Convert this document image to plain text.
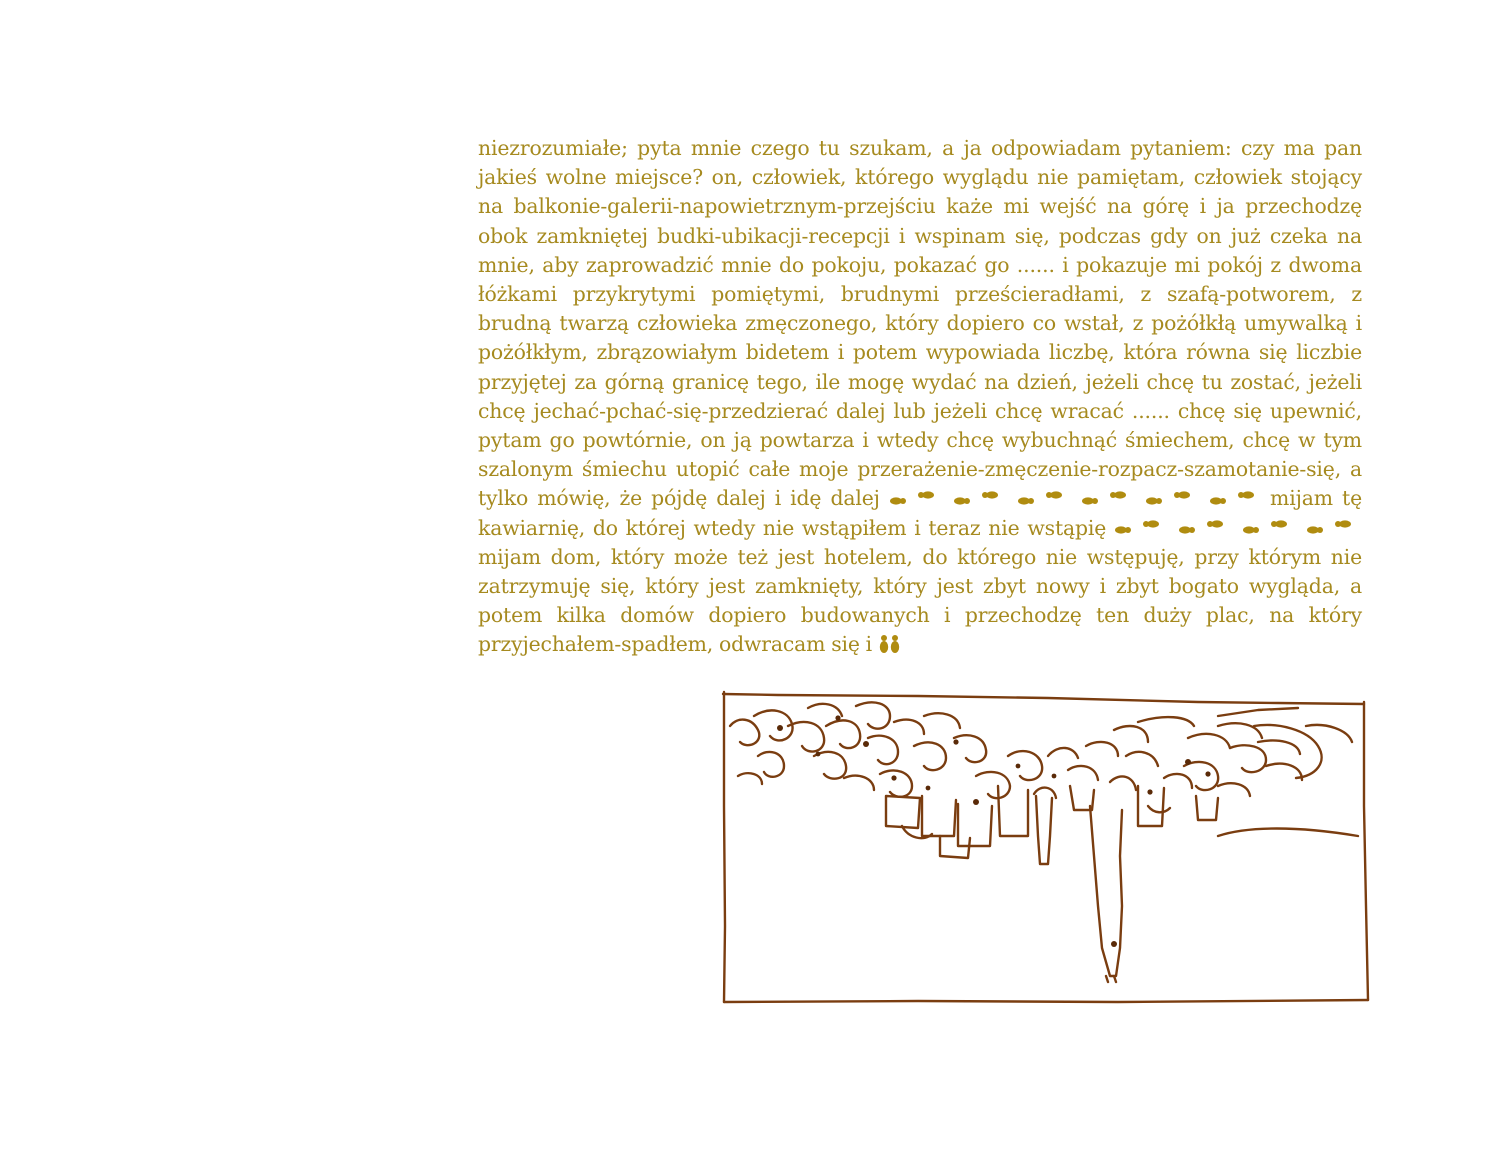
niezrozumiałe; pyta mnie czego tu szukam, a ja odpowiadam pytaniem: czy ma pan jakieś wolne miejsce? on, człowiek, którego wyglądu nie pamiętam, człowiek stojący na balkonie-galerii-napowietrznym-przejściu każe mi wejść na górę i ja przechodzę obok zamkniętej budki-ubikacji-recepcji i wspinam się, podczas gdy on już czeka na mnie, aby zaprowadzić mnie do pokoju, pokazać go ...... i pokazuje mi pokój z dwoma łóżkami przykrytymi pomiętymi, brudnymi prześcieradłami, z szafą-potworem, z brudną twarzą człowieka zmęczonego, który dopiero co wstał, z pożółkłą umywalką i pożółkłym, zbrązowiałym bidetem i potem wypowiada liczbę, która równa się liczbie przyjętej za górną granicę tego, ile mogę wydać na dzień, jeżeli chcę tu zostać, jeżeli chcę jechać-pchać-się-przedzierać dalej lub jeżeli chcę wracać ...... chcę się upewnić, pytam go powtórnie, on ją powtarza i wtedy chcę wybuchnąć śmiechem, chcę w tym szalonym śmiechu utopić całe moje przerażenie-zmęczenie-rozpacz-szamotanie-się, a tylko mówię, że pójdę dalej i idę dalej	mijam tę kawiarnię, do której wtedy nie wstąpiłem i teraz nie wstąpię
mijam dom, który może też jest hotelem, do którego nie wstępuję, przy którym nie zatrzymuję się, który jest zamknięty, który jest zbyt nowy i zbyt bogato wygląda, a potem kilka domów dopiero budowanych i przechodzę ten duży plac, na który przyjechałem-spadłem, odwracam się i
